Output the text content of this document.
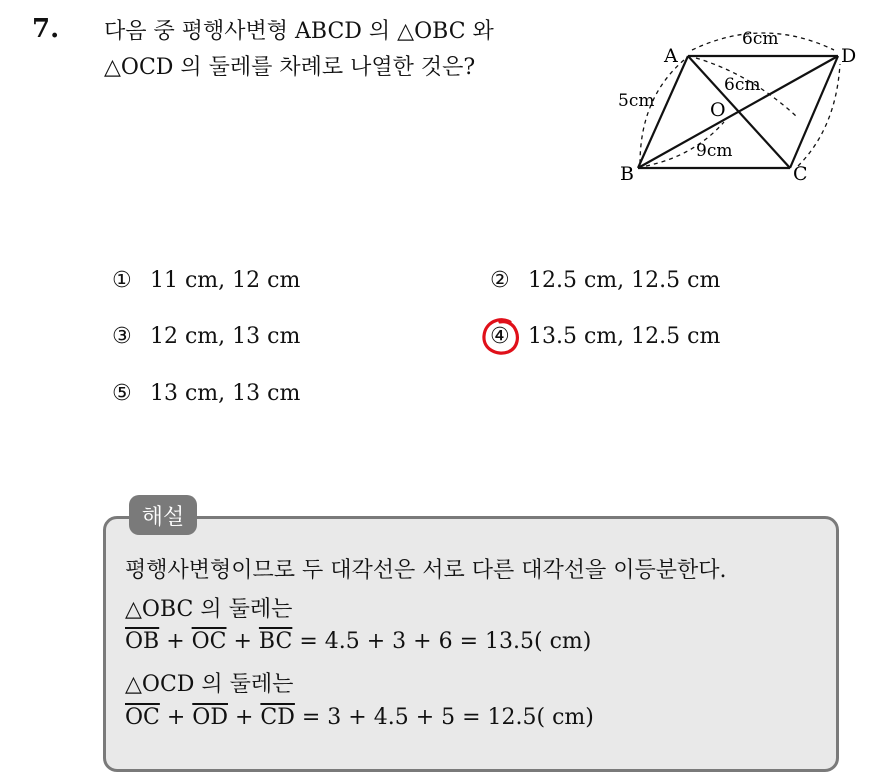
7. 다음 중 평행사변형 ABCD 의 △OBC 와
△OCD 의 둘레를 차례로 나열한 것은?	A	D
B	C
O
6cm
5cm
6cm
9cm
① 11 cm, 12 cm	② 12.5 cm, 12.5 cm
③ 12 cm, 13 cm	④ 13.5 cm, 12.5 cm
⑤ 13 cm, 13 cm
해설
평행사변형이므로 두 대각선은 서로 다른 대각선을 이등분한다.
△OBC 의 둘레는
$\overline{OB} + \overline{OC} + \overline{BC} = 4.5 + 3 + 6 = 13.5$( cm)
△OCD 의 둘레는
$\overline{OC} + \overline{OD} + \overline{CD} = 3 + 4.5 + 5 = 12.5$( cm)
